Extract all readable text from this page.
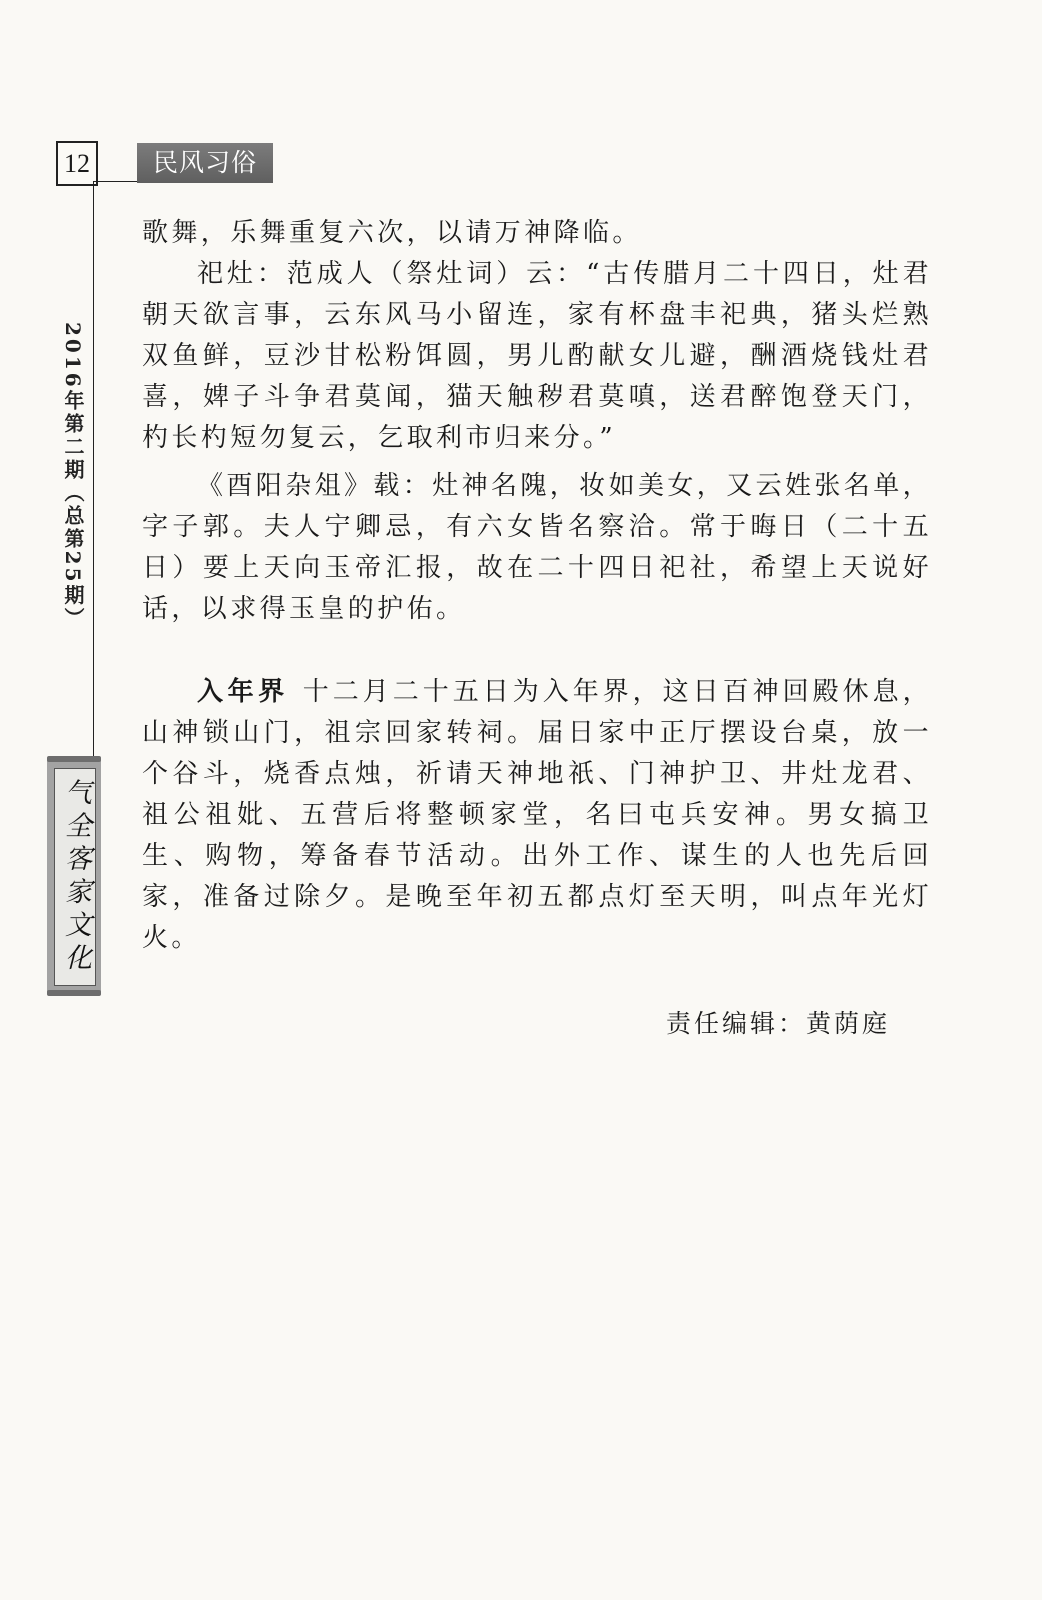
12	民风习俗
2016年第二期（总第25期）
气全客家文化

歌舞，乐舞重复六次，以请万神降临。

祀灶：范成人（祭灶词）云：“古传腊月二十四日，灶君朝天欲言事，云东风马小留连，家有杯盘丰祀典，猪头烂熟双鱼鲜，豆沙甘松粉饵圆，男儿酌献女儿避，酬酒烧钱灶君喜，婢子斗争君莫闻，猫天触秽君莫嗔，送君醉饱登天门，杓长杓短勿复云，乞取利市归来分。”

《酉阳杂俎》载：灶神名隗，妆如美女，又云姓张名单，字子郭。夫人宁卿忌，有六女皆名察洽。常于晦日（二十五日）要上天向玉帝汇报，故在二十四日祀社，希望上天说好话，以求得玉皇的护佑。

入年界 十二月二十五日为入年界，这日百神回殿休息，山神锁山门，祖宗回家转祠。届日家中正厅摆设台桌，放一个谷斗，烧香点烛，祈请天神地祇、门神护卫、井灶龙君、祖公祖妣、五营后将整顿家堂，名曰屯兵安神。男女搞卫生、购物，筹备春节活动。出外工作、谋生的人也先后回家，准备过除夕。是晚至年初五都点灯至天明，叫点年光灯火。

责任编辑：黄荫庭
